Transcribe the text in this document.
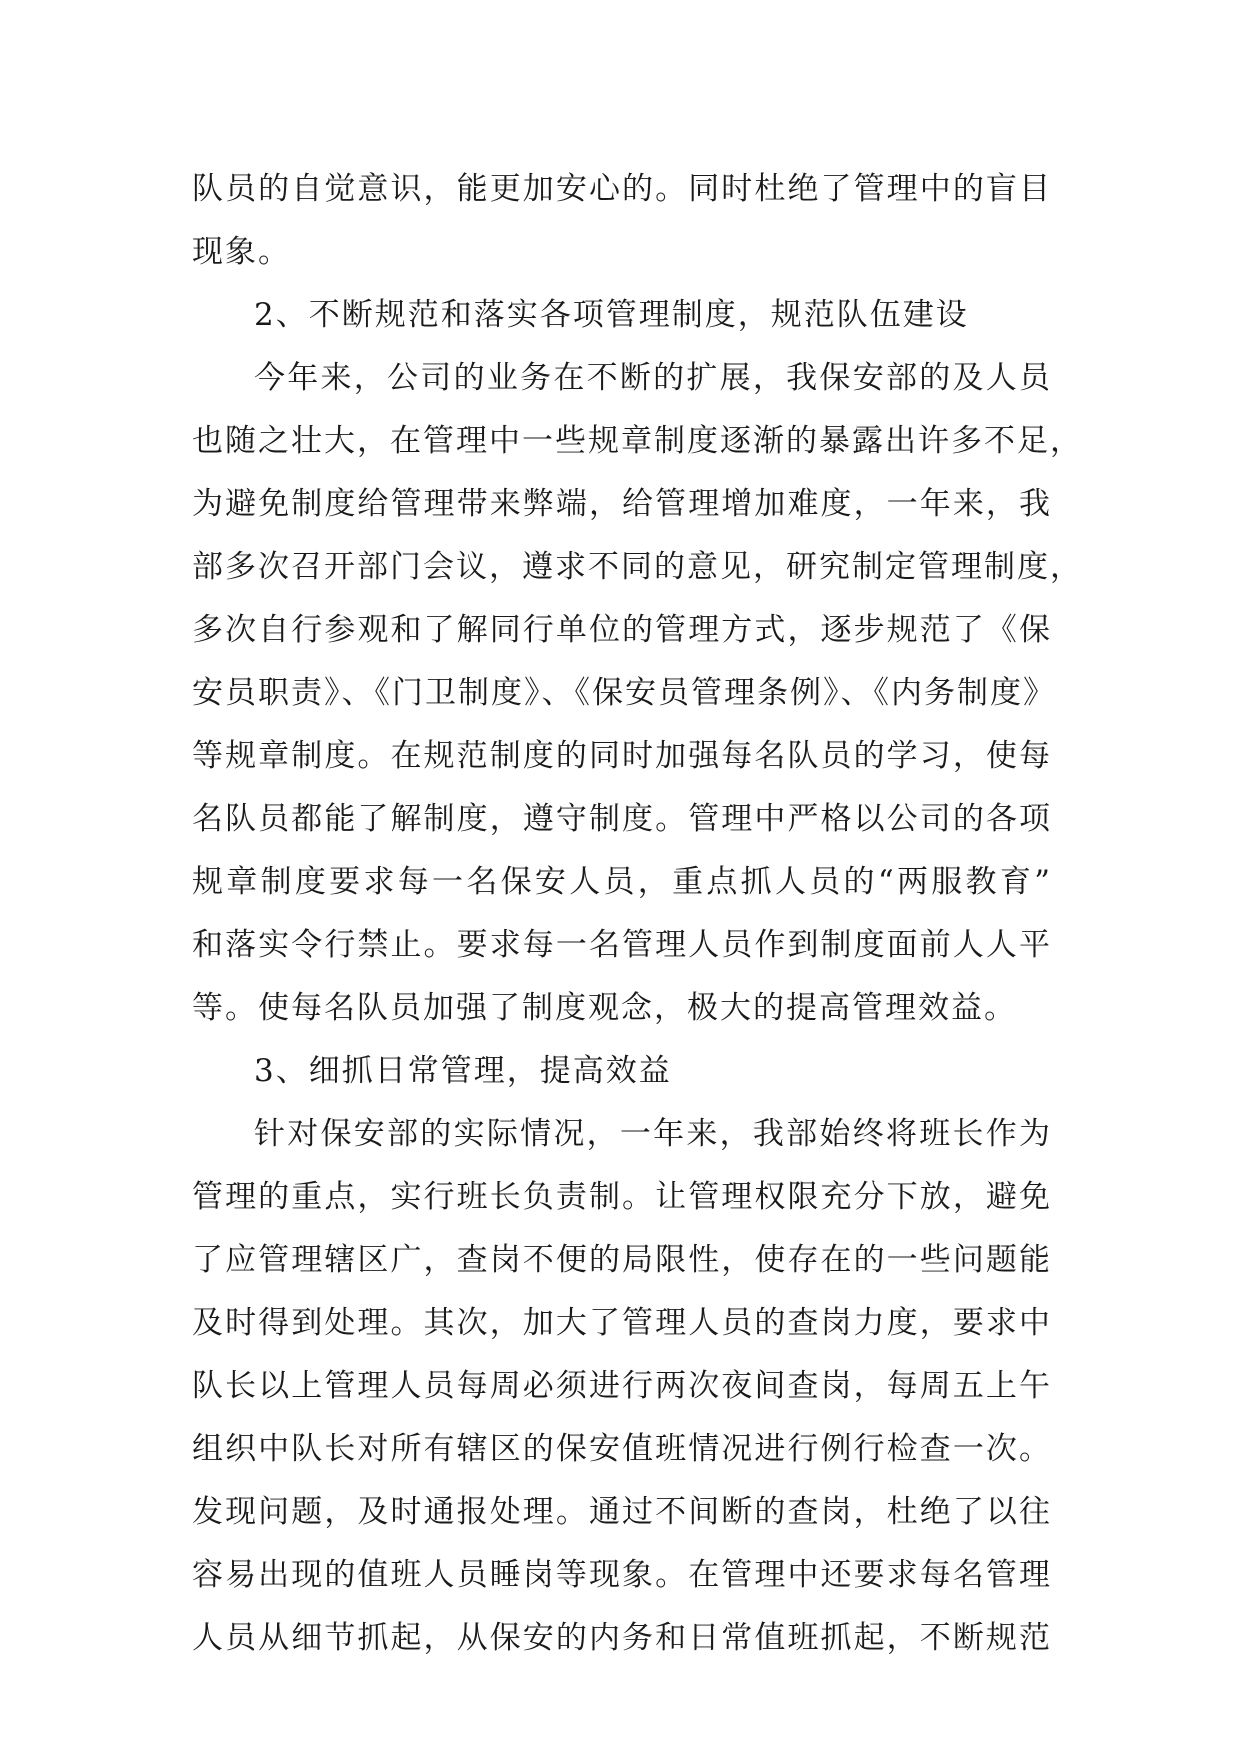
队员的自觉意识，能更加安心的。同时杜绝了管理中的盲目
现象。
2、不断规范和落实各项管理制度，规范队伍建设
今年来，公司的业务在不断的扩展，我保安部的及人员
也随之壮大，在管理中一些规章制度逐渐的暴露出许多不足，
为避免制度给管理带来弊端，给管理增加难度，一年来，我
部多次召开部门会议，遵求不同的意见，研究制定管理制度，
多次自行参观和了解同行单位的管理方式，逐步规范了《保
安员职责》、《门卫制度》、《保安员管理条例》、《内务制度》
等规章制度。在规范制度的同时加强每名队员的学习，使每
名队员都能了解制度，遵守制度。管理中严格以公司的各项
规章制度要求每一名保安人员，重点抓人员的“两服教育”
和落实令行禁止。要求每一名管理人员作到制度面前人人平
等。使每名队员加强了制度观念，极大的提高管理效益。
3、细抓日常管理，提高效益
针对保安部的实际情况，一年来，我部始终将班长作为
管理的重点，实行班长负责制。让管理权限充分下放，避免
了应管理辖区广，查岗不便的局限性，使存在的一些问题能
及时得到处理。其次，加大了管理人员的查岗力度，要求中
队长以上管理人员每周必须进行两次夜间查岗，每周五上午
组织中队长对所有辖区的保安值班情况进行例行检查一次。
发现问题，及时通报处理。通过不间断的查岗，杜绝了以往
容易出现的值班人员睡岗等现象。在管理中还要求每名管理
人员从细节抓起，从保安的内务和日常值班抓起，不断规范
